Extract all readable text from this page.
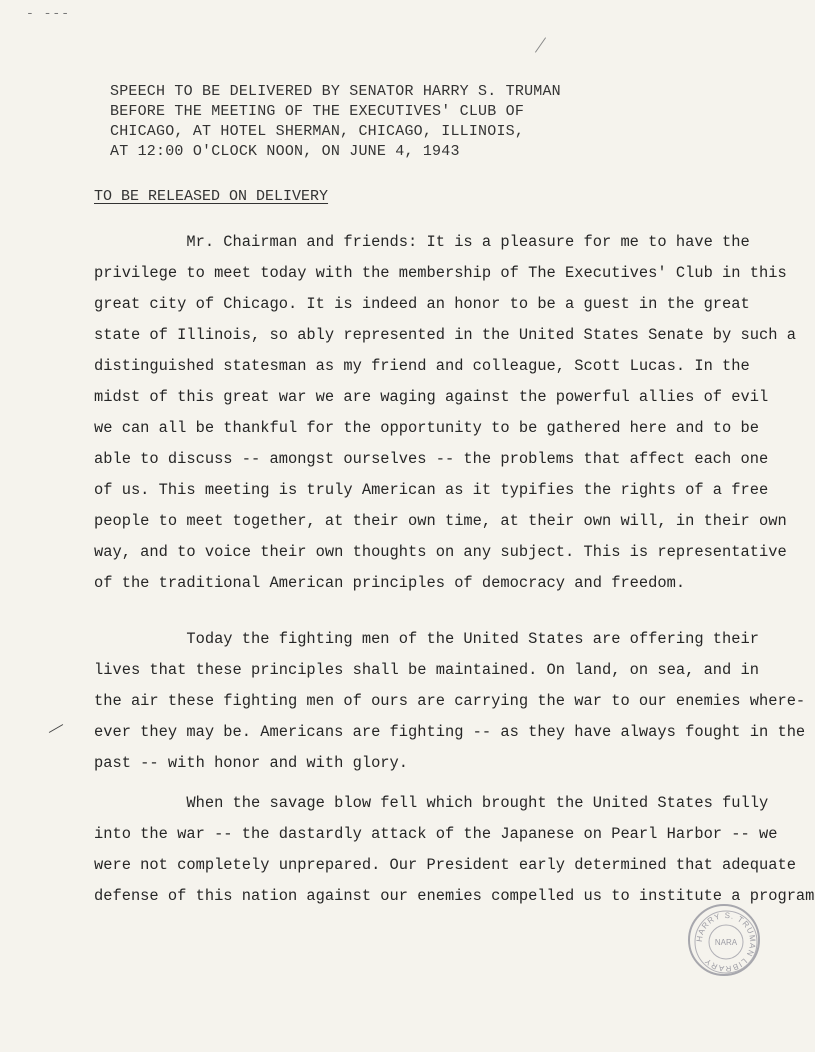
- ---
SPEECH TO BE DELIVERED BY SENATOR HARRY S. TRUMAN
BEFORE THE MEETING OF THE EXECUTIVES' CLUB OF
CHICAGO, AT HOTEL SHERMAN, CHICAGO, ILLINOIS,
AT 12:00 O'CLOCK NOON, ON JUNE 4, 1943
TO BE RELEASED ON DELIVERY
Mr. Chairman and friends: It is a pleasure for me to have the
privilege to meet today with the membership of The Executives' Club in this
great city of Chicago. It is indeed an honor to be a guest in the great
state of Illinois, so ably represented in the United States Senate by such a
distinguished statesman as my friend and colleague, Scott Lucas. In the
midst of this great war we are waging against the powerful allies of evil
we can all be thankful for the opportunity to be gathered here and to be
able to discuss -- amongst ourselves -- the problems that affect each one
of us. This meeting is truly American as it typifies the rights of a free
people to meet together, at their own time, at their own will, in their own
way, and to voice their own thoughts on any subject. This is representative
of the traditional American principles of democracy and freedom.
Today the fighting men of the United States are offering their
lives that these principles shall be maintained. On land, on sea, and in
the air these fighting men of ours are carrying the war to our enemies where-
ever they may be. Americans are fighting -- as they have always fought in the
past -- with honor and with glory.
When the savage blow fell which brought the United States fully
into the war -- the dastardly attack of the Japanese on Pearl Harbor -- we
were not completely unprepared. Our President early determined that adequate
defense of this nation against our enemies compelled us to institute a program
HARRY S. TRUMAN LIBRARY
NARA
